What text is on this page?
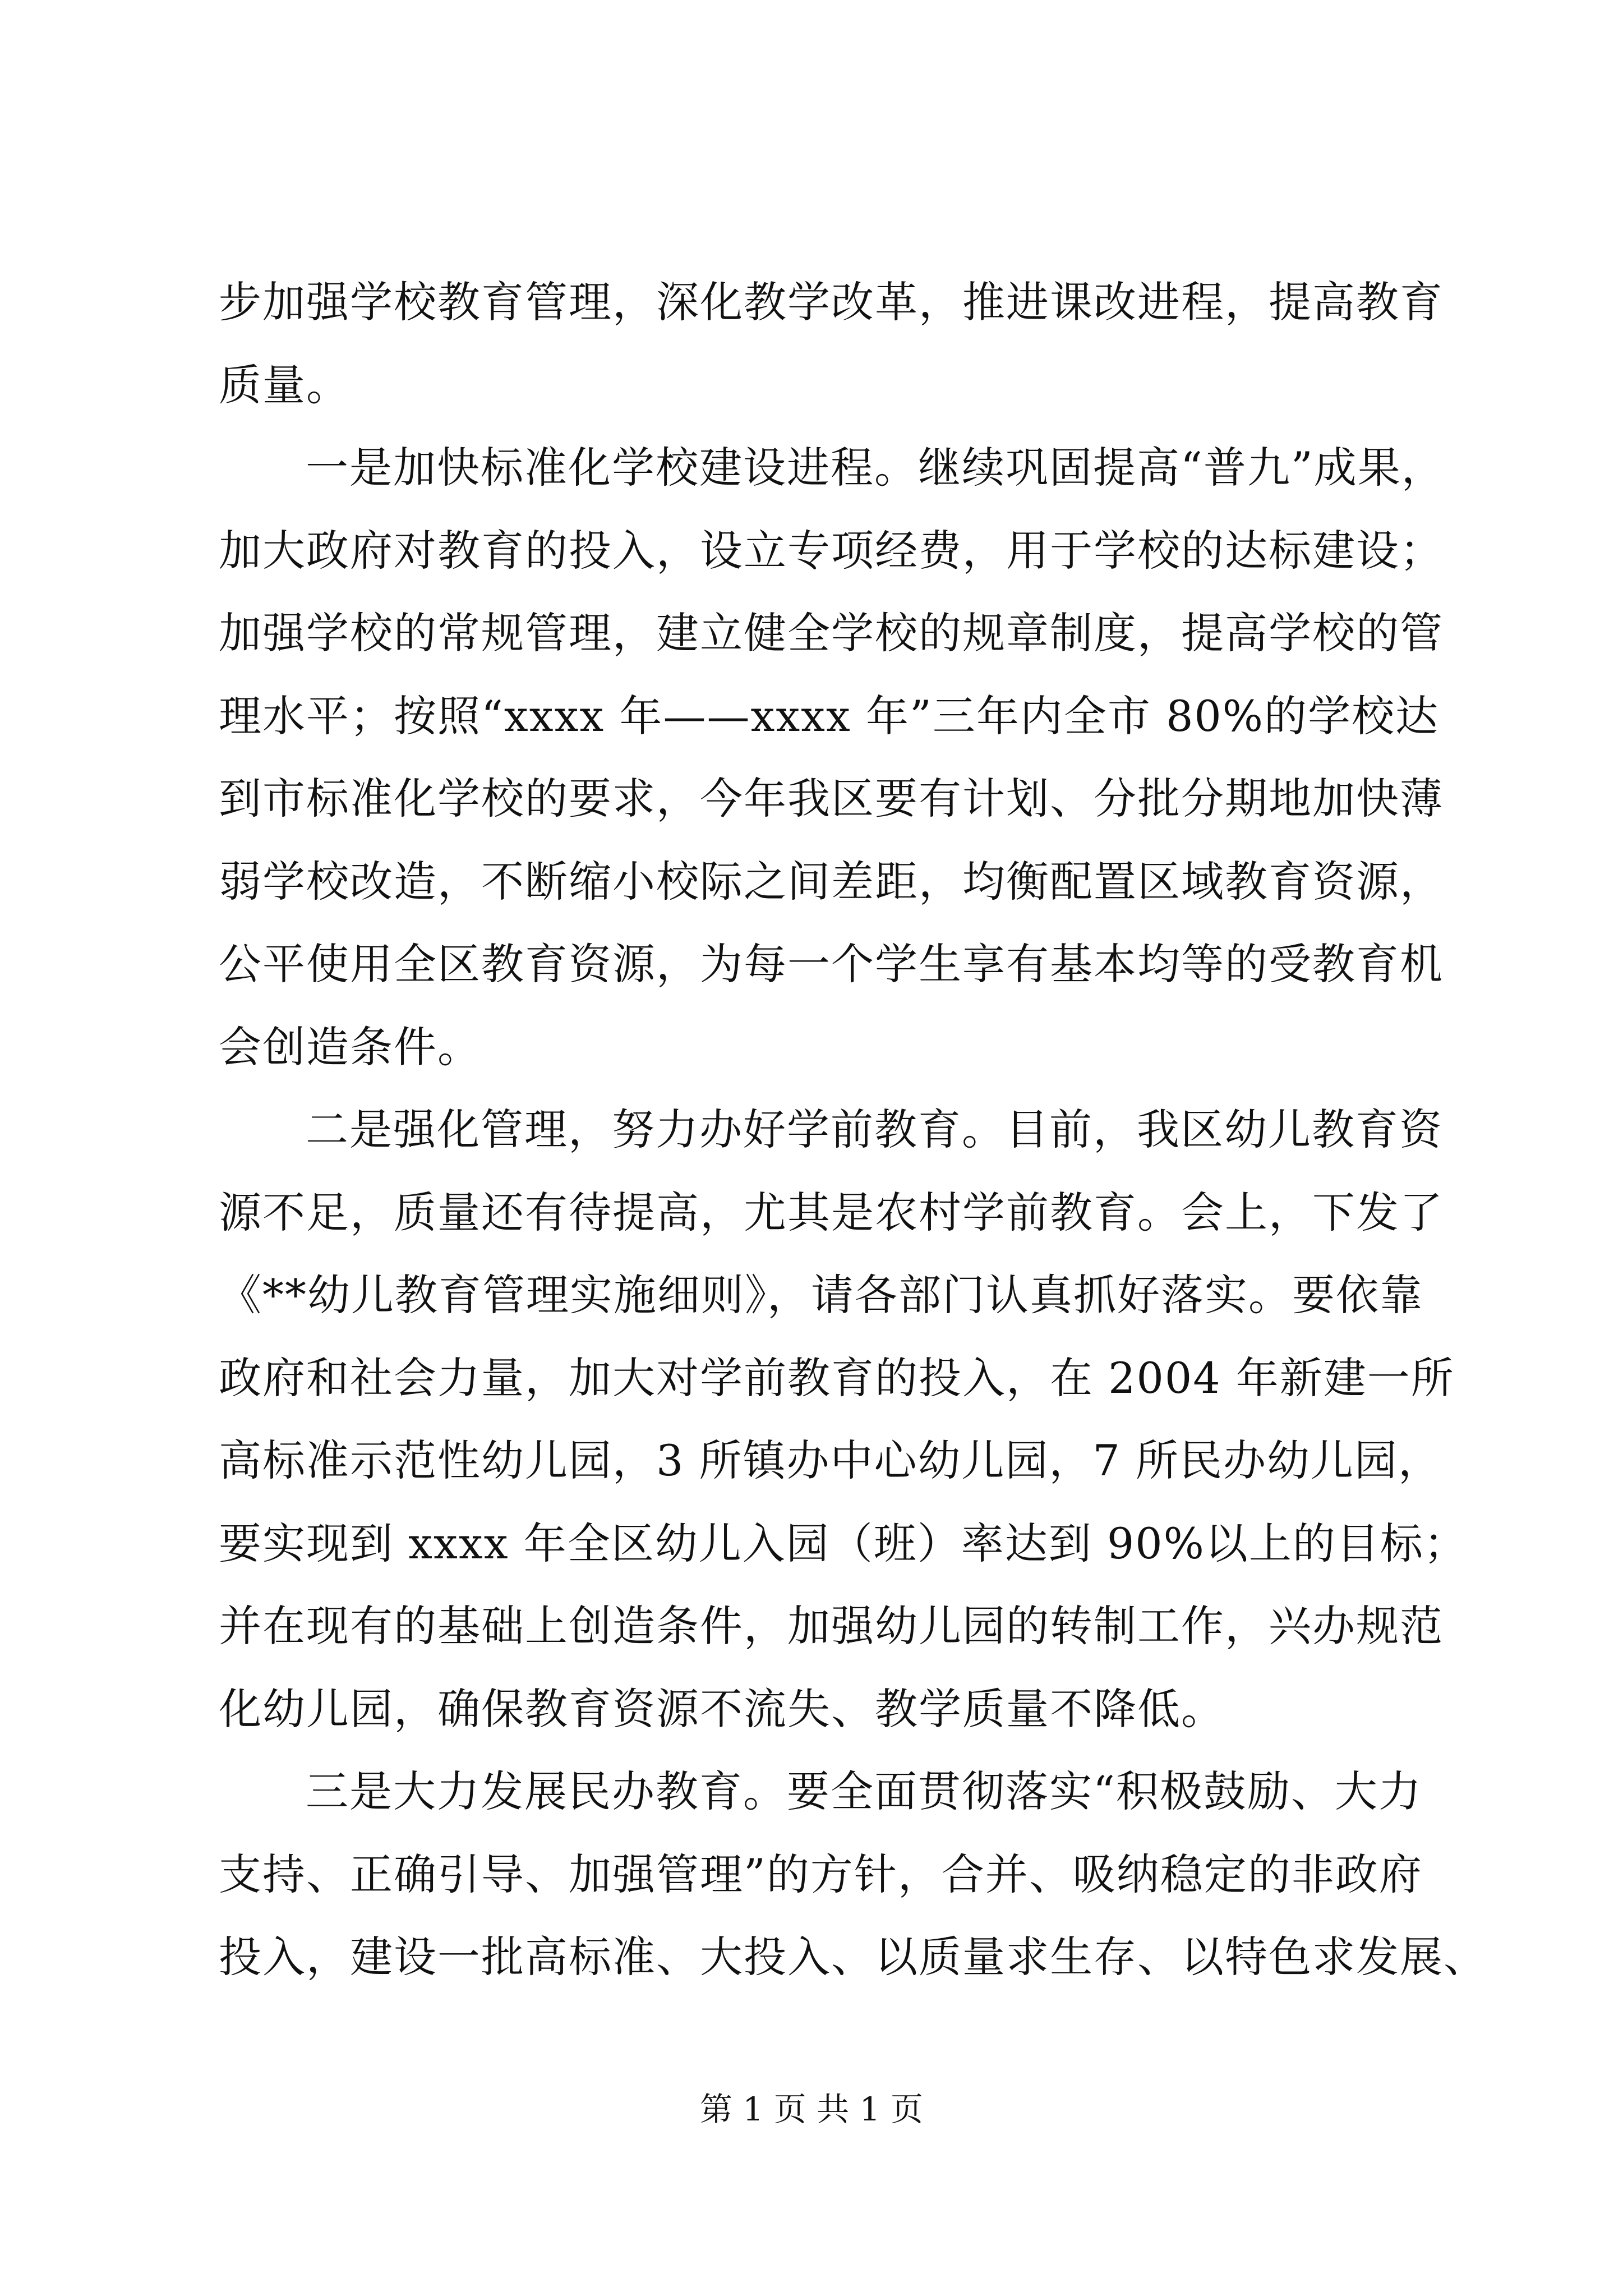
步加强学校教育管理，深化教学改革，推进课改进程，提高教育
质量。
一是加快标准化学校建设进程。继续巩固提高“普九”成果，
加大政府对教育的投入，设立专项经费，用于学校的达标建设；
加强学校的常规管理，建立健全学校的规章制度，提高学校的管
理水平；按照“xxxx 年——xxxx 年”三年内全市 80%的学校达
到市标准化学校的要求，今年我区要有计划、分批分期地加快薄
弱学校改造，不断缩小校际之间差距，均衡配置区域教育资源，
公平使用全区教育资源，为每一个学生享有基本均等的受教育机
会创造条件。
二是强化管理，努力办好学前教育。目前，我区幼儿教育资
源不足，质量还有待提高，尤其是农村学前教育。会上，下发了
《**幼儿教育管理实施细则》，请各部门认真抓好落实。要依靠
政府和社会力量，加大对学前教育的投入，在 2004 年新建一所
高标准示范性幼儿园，3 所镇办中心幼儿园，7 所民办幼儿园，
要实现到 xxxx 年全区幼儿入园（班）率达到 90%以上的目标；
并在现有的基础上创造条件，加强幼儿园的转制工作，兴办规范
化幼儿园，确保教育资源不流失、教学质量不降低。
三是大力发展民办教育。要全面贯彻落实“积极鼓励、大力
支持、正确引导、加强管理”的方针，合并、吸纳稳定的非政府
投入，建设一批高标准、大投入、以质量求生存、以特色求发展、
第 1 页 共 1 页
